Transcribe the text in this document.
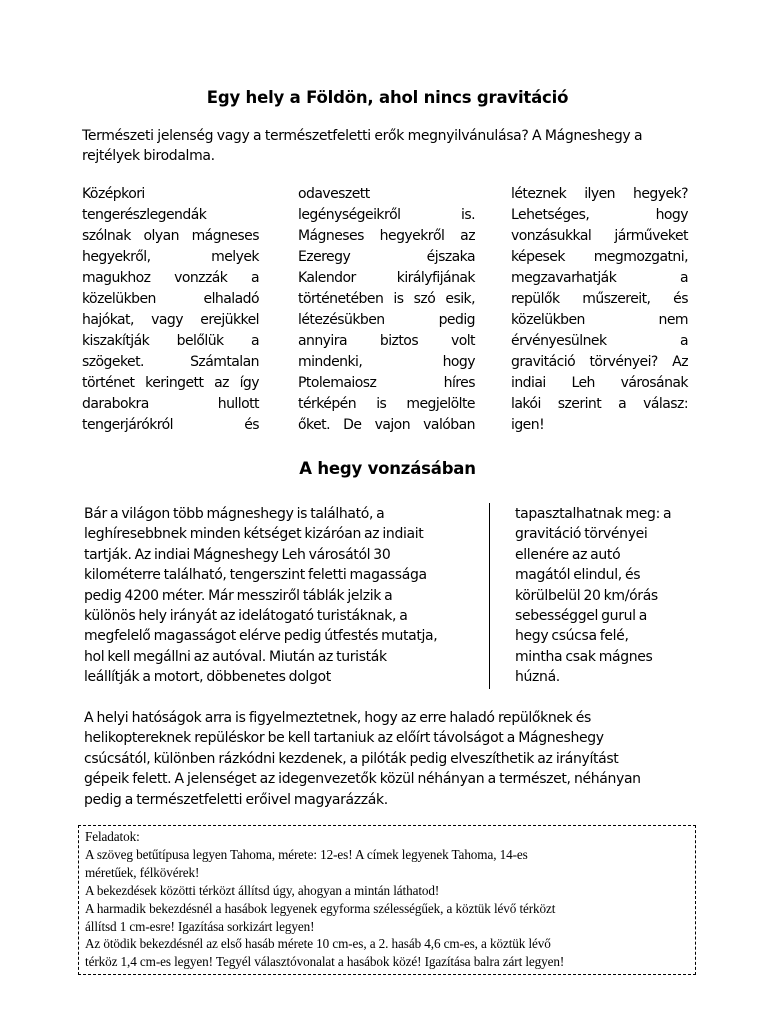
Egy hely a Földön, ahol nincs gravitáció
Természeti jelenség vagy a természetfeletti erők megnyilvánulása? A Mágneshegy a
rejtélyek birodalma.
Középkori
tengerészlegendák
szólnak olyan mágneses
hegyekről, melyek
magukhoz vonzzák a
közelükben elhaladó
hajókat, vagy erejükkel
kiszakítják belőlük a
szögeket. Számtalan
történet keringett az így
darabokra hullott
tengerjárókról és
odaveszett
legénységeikről is.
Mágneses hegyekről az
Ezeregy éjszaka
Kalendor királyfijának
történetében is szó esik,
létezésükben pedig
annyira biztos volt
mindenki, hogy
Ptolemaiosz híres
térképén is megjelölte
őket. De vajon valóban
léteznek ilyen hegyek?
Lehetséges, hogy
vonzásukkal járműveket
képesek megmozgatni,
megzavarhatják a
repülők műszereit, és
közelükben nem
érvényesülnek a
gravitáció törvényei? Az
indiai Leh városának
lakói szerint a válasz:
igen!
A hegy vonzásában
Bár a világon több mágneshegy is található, a
leghíresebbnek minden kétséget kizáróan az indiait
tartják. Az indiai Mágneshegy Leh városától 30
kilométerre található, tengerszint feletti magassága
pedig 4200 méter. Már messziről táblák jelzik a
különös hely irányát az idelátogató turistáknak, a
megfelelő magasságot elérve pedig útfestés mutatja,
hol kell megállni az autóval. Miután az turisták
leállítják a motort, döbbenetes dolgot
tapasztalhatnak meg: a
gravitáció törvényei
ellenére az autó
magától elindul, és
körülbelül 20 km/órás
sebességgel gurul a
hegy csúcsa felé,
mintha csak mágnes
húzná.
A helyi hatóságok arra is figyelmeztetnek, hogy az erre haladó repülőknek és
helikoptereknek repüléskor be kell tartaniuk az előírt távolságot a Mágneshegy
csúcsától, különben rázkódni kezdenek, a pilóták pedig elveszíthetik az irányítást
gépeik felett. A jelenséget az idegenvezetők közül néhányan a természet, néhányan
pedig a természetfeletti erőivel magyarázzák.
Feladatok:
A szöveg betűtípusa legyen Tahoma, mérete: 12-es! A címek legyenek Tahoma, 14-es
méretűek, félkövérek!
A bekezdések közötti térközt állítsd úgy, ahogyan a mintán láthatod!
A harmadik bekezdésnél a hasábok legyenek egyforma szélességűek, a köztük lévő térközt
állítsd 1 cm-esre! Igazítása sorkizárt legyen!
Az ötödik bekezdésnél az első hasáb mérete 10 cm-es, a 2. hasáb 4,6 cm-es, a köztük lévő
térköz 1,4 cm-es legyen! Tegyél választóvonalat a hasábok közé! Igazítása balra zárt legyen!
